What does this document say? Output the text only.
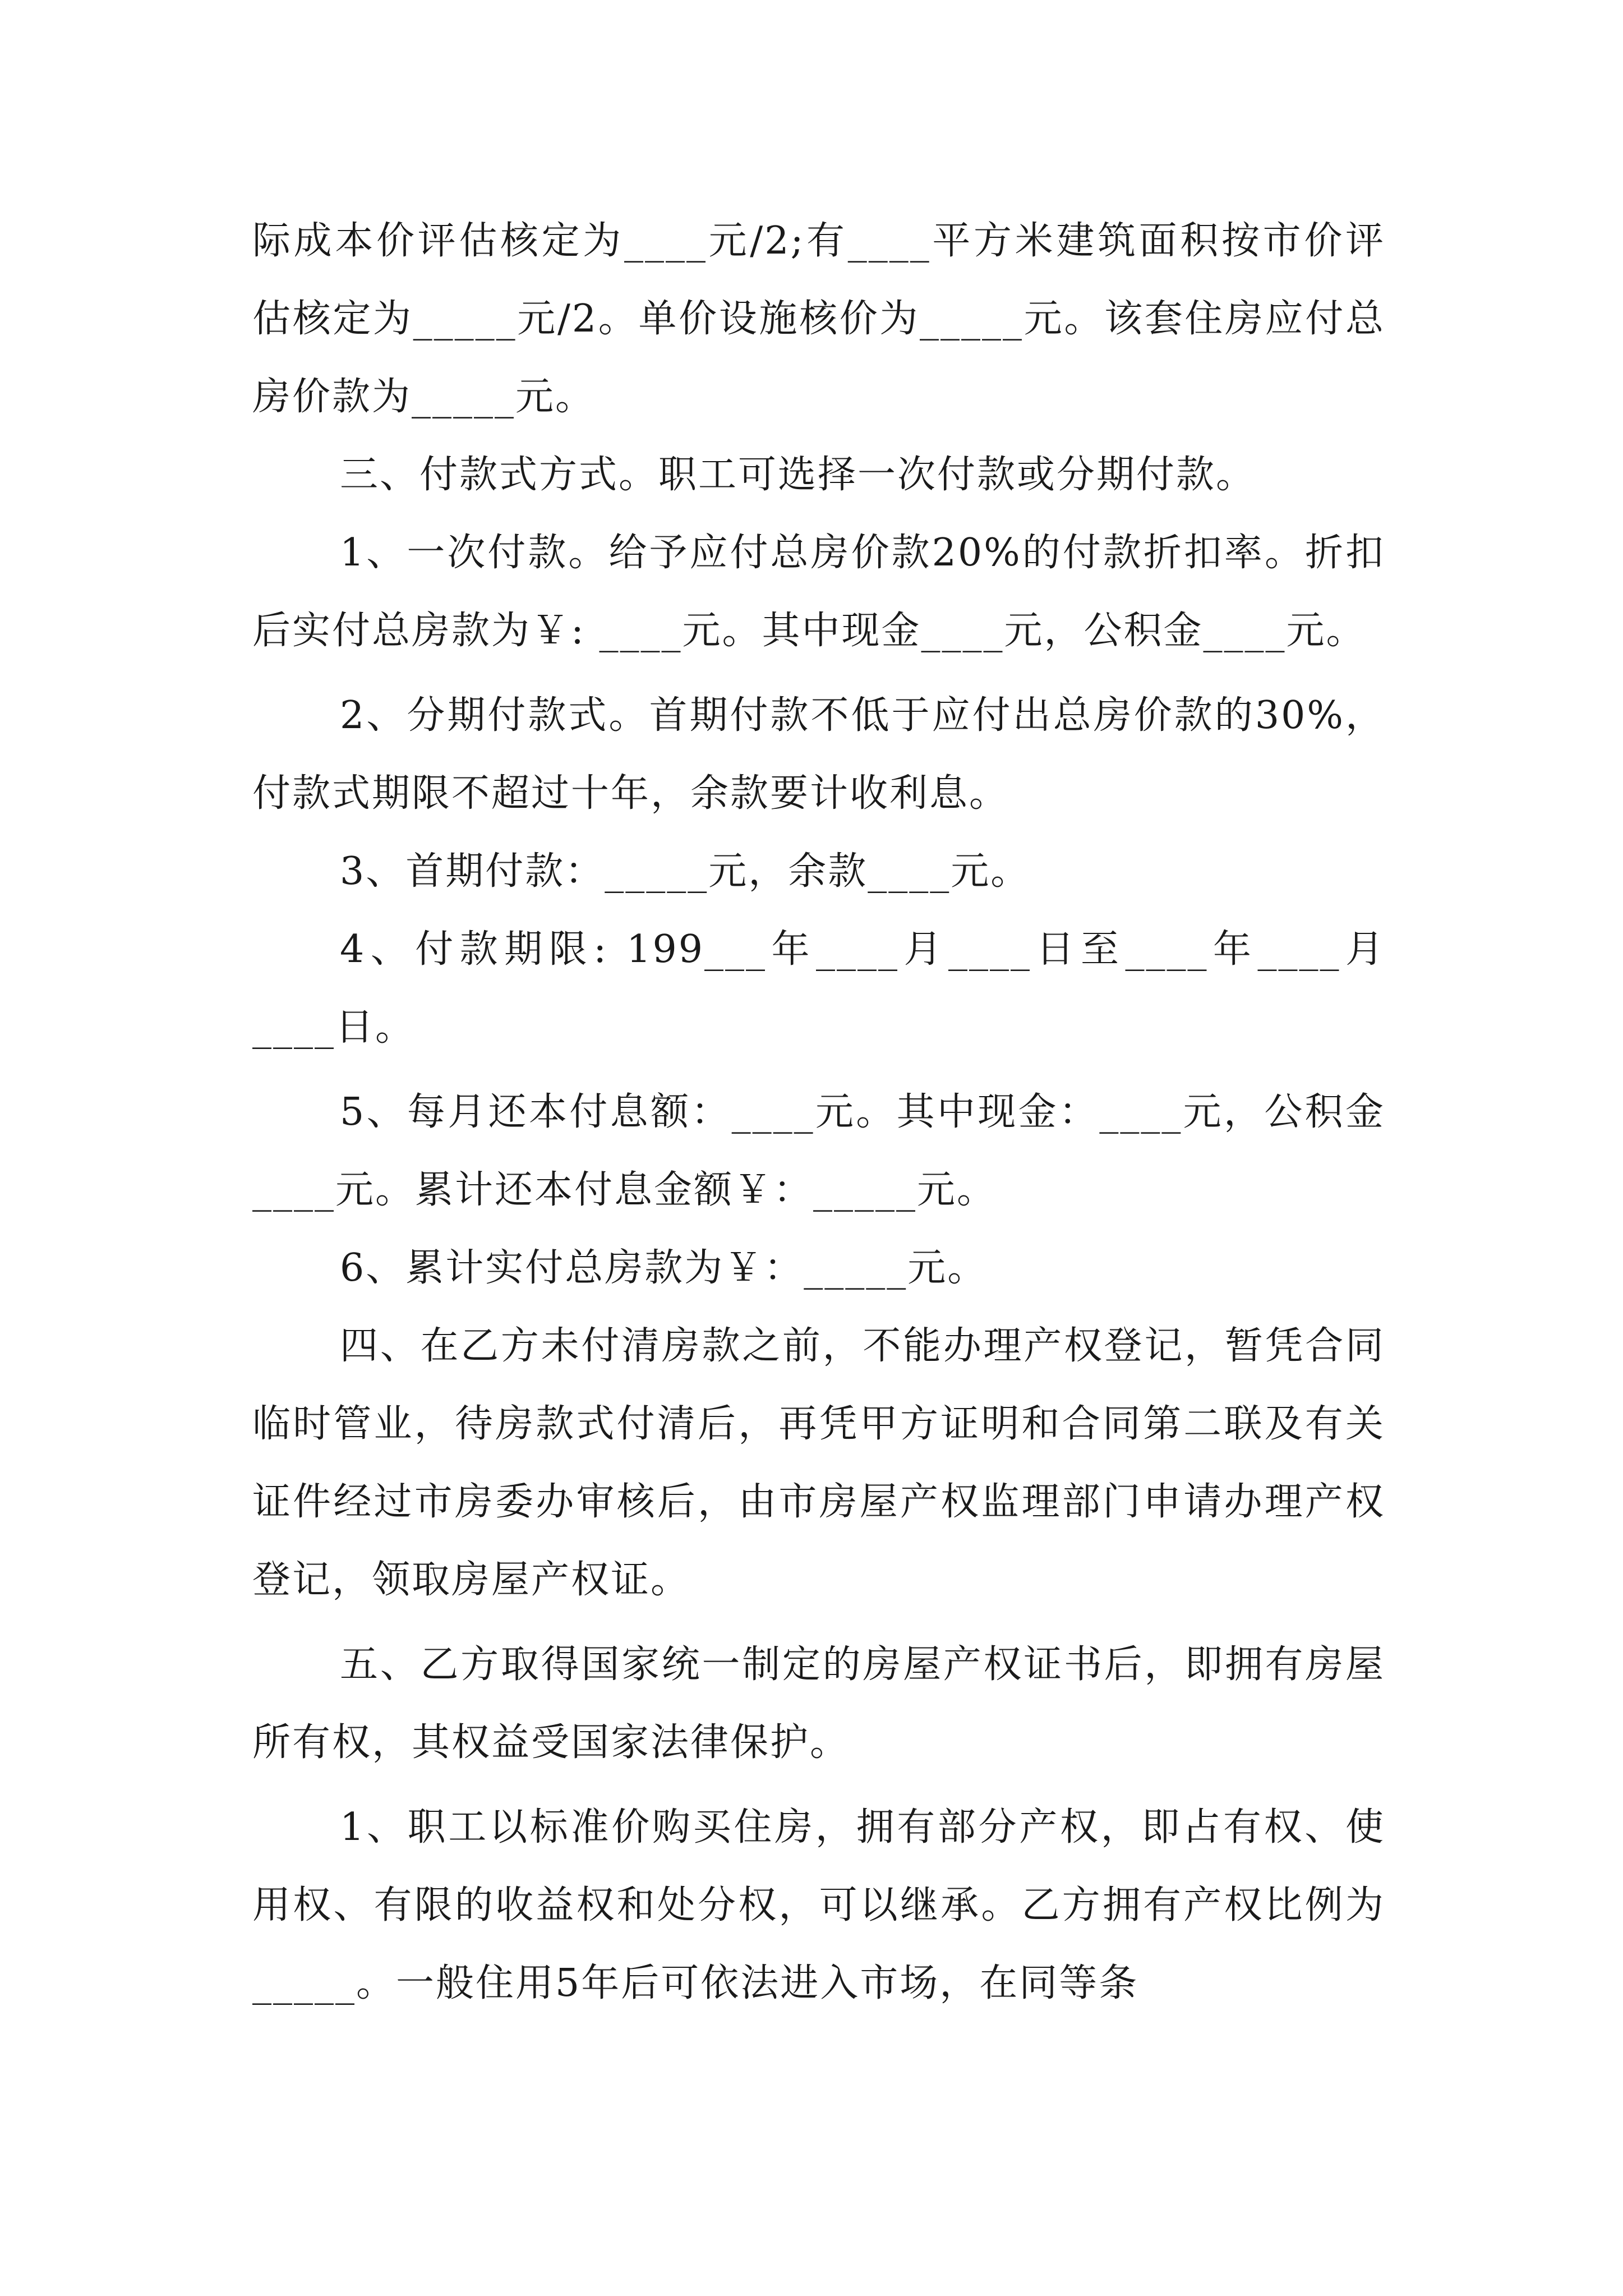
际成本价评估核定为____元/2;有____平方米建筑面积按市价评估核定为_____元/2。单价设施核价为_____元。该套住房应付总房价款为_____元。

三、付款式方式。职工可选择一次付款或分期付款。

1、一次付款。给予应付总房价款20%的付款折扣率。折扣后实付总房款为￥: ____元。其中现金____元，公积金____元。

2、分期付款式。首期付款不低于应付出总房价款的30%，付款式期限不超过十年，余款要计收利息。

3、首期付款：_____元，余款____元。

4、付款期限: 199___年____月____日至____年____月____日。

5、每月还本付息额：____元。其中现金：____元，公积金____元。累计还本付息金额￥：_____元。

6、累计实付总房款为￥：_____元。

四、在乙方未付清房款之前，不能办理产权登记，暂凭合同临时管业，待房款式付清后，再凭甲方证明和合同第二联及有关证件经过市房委办审核后，由市房屋产权监理部门申请办理产权登记，领取房屋产权证。

五、乙方取得国家统一制定的房屋产权证书后，即拥有房屋所有权，其权益受国家法律保护。

1、职工以标准价购买住房，拥有部分产权，即占有权、使用权、有限的收益权和处分权，可以继承。乙方拥有产权比例为_____。一般住用5年后可依法进入市场，在同等条
